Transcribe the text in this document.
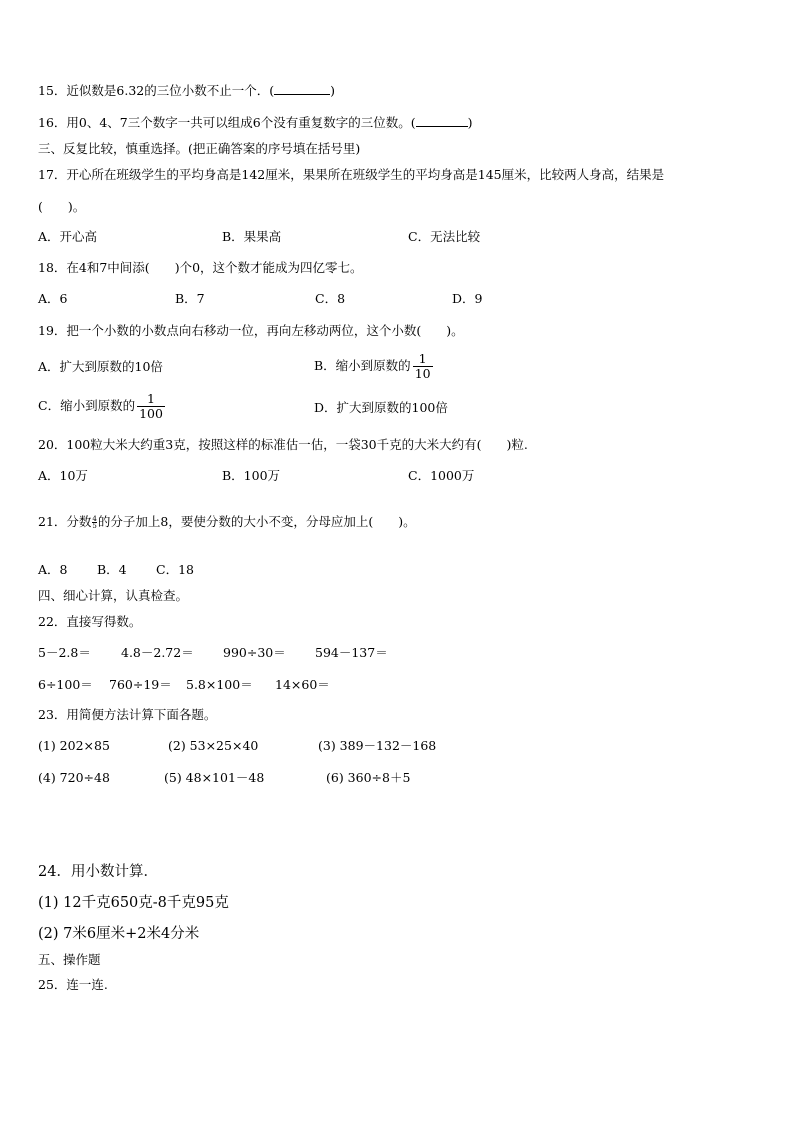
15．近似数是6.32的三位小数不止一个．(	)
16．用0、4、7三个数字一共可以组成6个没有重复数字的三位数。(	)
三、反复比较，慎重选择。(把正确答案的序号填在括号里)
17．开心所在班级学生的平均身高是142厘米，果果所在班级学生的平均身高是145厘米，比较两人身高，结果是
(　　)。
A．开心高	B．果果高	C．无法比较
18．在4和7中间添(　　)个0，这个数才能成为四亿零七。
A．6	B．7	C．8	D．9
19．把一个小数的小数点向右移动一位，再向左移动两位，这个小数(　　)。
A．扩大到原数的10倍	B．缩小到原数的 $\frac{1}{10}$
C．缩小到原数的 $\frac{1}{100}$	D．扩大到原数的100倍
20．100粒大米大约重3克，按照这样的标准估一估，一袋30千克的大米大约有(　　)粒.
A．10万	B．100万	C．1000万
21．分数 $\frac{4}{5}$ 的分子加上8，要使分数的大小不变，分母应加上(　　)。
A．8 B．4 C．18
四、细心计算，认真检查。
22．直接写得数。
5－2.8＝ 4.8－2.72＝ 990÷30＝ 594－137＝
6÷100＝ 760÷19＝ 5.8×100＝ 14×60＝
23．用简便方法计算下面各题。
(1) 202×85	(2) 53×25×40	(3) 389－132－168
(4) 720÷48	(5) 48×101－48	(6) 360÷8＋5
24．用小数计算．
(1) 12千克650克-8千克95克
(2) 7米6厘米+2米4分米
五、操作题
25．连一连.
